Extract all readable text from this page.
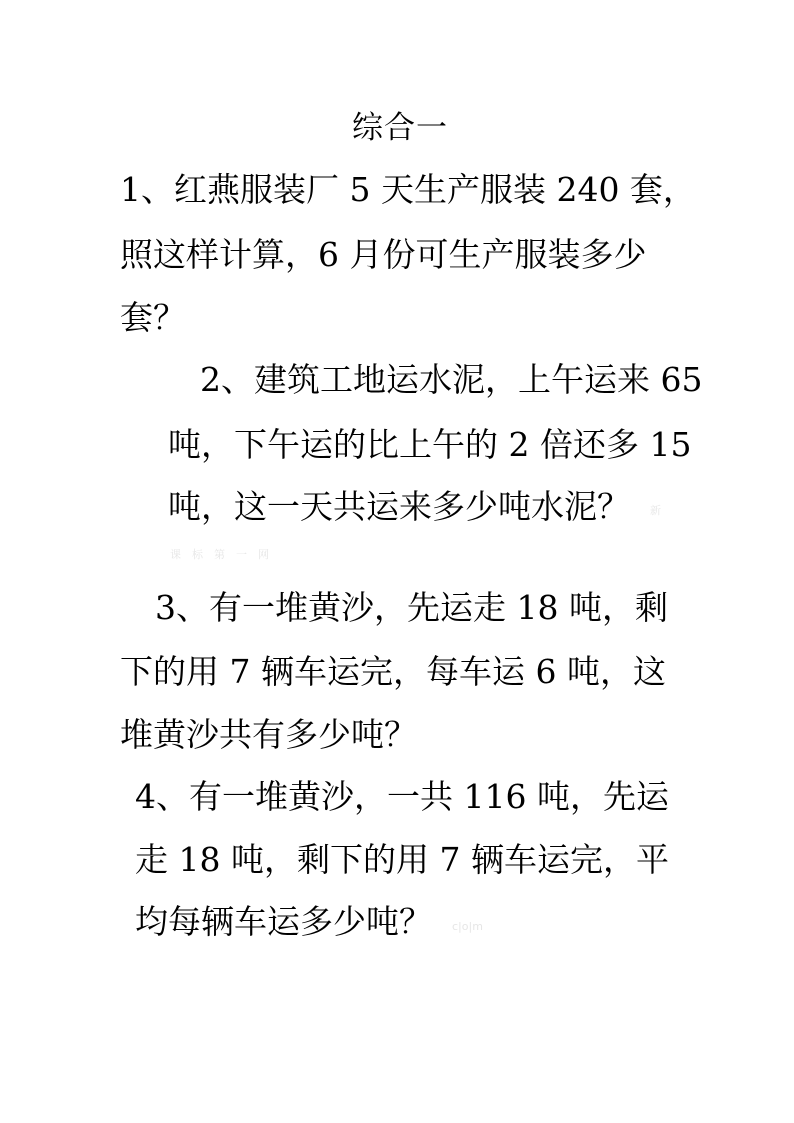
综合一
1、红燕服装厂 5 天生产服装 240 套，
照这样计算，6 月份可生产服装多少
套？
2、建筑工地运水泥，上午运来 65
吨，下午运的比上午的 2 倍还多 15
吨，这一天共运来多少吨水泥？ 新
课　标　第　一　网
3、有一堆黄沙，先运走 18 吨，剩
下的用 7 辆车运完，每车运 6 吨，这
堆黄沙共有多少吨？
4、有一堆黄沙，一共 116 吨，先运
走 18 吨，剩下的用 7 辆车运完，平
均每辆车运多少吨？ c|o|m
